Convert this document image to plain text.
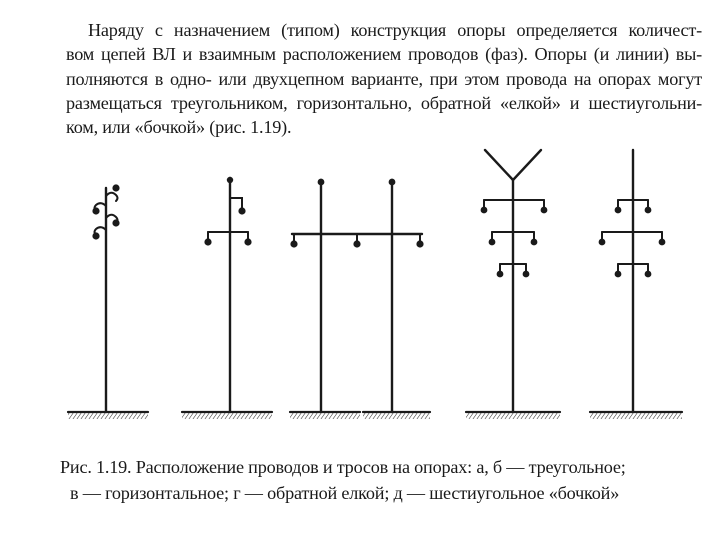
Наряду с назначением (типом) конструкция опоры определяется количест-
вом цепей ВЛ и взаимным расположением проводов (фаз). Опоры (и линии) вы-
полняются в одно- или двухцепном варианте, при этом провода на опорах могут
размещаться треугольником, горизонтально, обратной «елкой» и шестиугольни-
ком, или «бочкой» (рис. 1.19).
Рис. 1.19. Расположение проводов и тросов на опорах: а, б — треугольное;
в — горизонтальное; г — обратной елкой; д — шестиугольное «бочкой»
